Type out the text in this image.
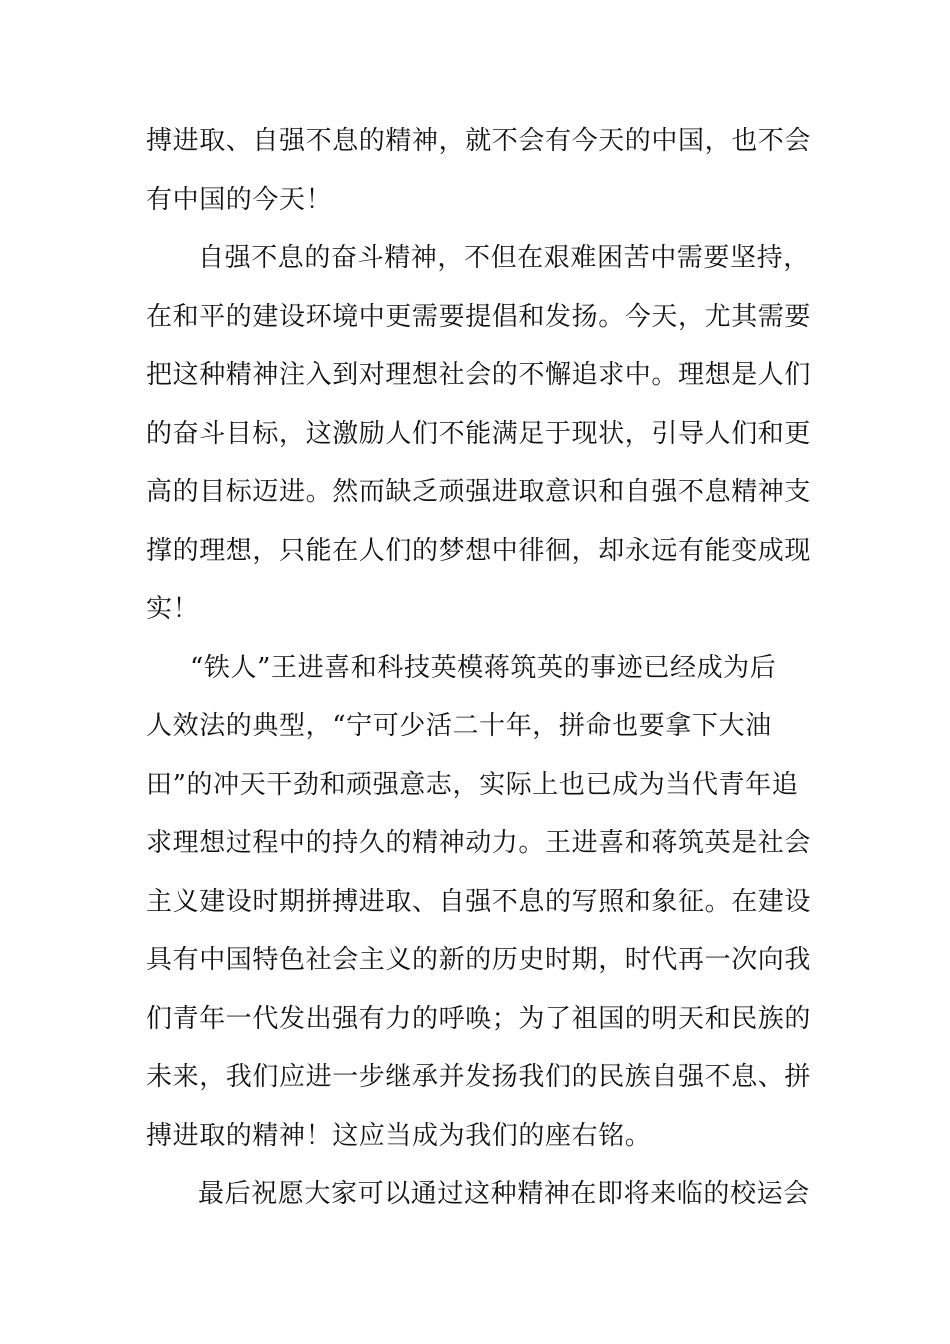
搏进取、自强不息的精神，就不会有今天的中国，也不会
有中国的今天！
自强不息的奋斗精神，不但在艰难困苦中需要坚持，
在和平的建设环境中更需要提倡和发扬。今天，尤其需要
把这种精神注入到对理想社会的不懈追求中。理想是人们
的奋斗目标，这激励人们不能满足于现状，引导人们和更
高的目标迈进。然而缺乏顽强进取意识和自强不息精神支
撑的理想，只能在人们的梦想中徘徊，却永远有能变成现
实！
“铁人”王进喜和科技英模蒋筑英的事迹已经成为后
人效法的典型，“宁可少活二十年，拼命也要拿下大油
田”的冲天干劲和顽强意志，实际上也已成为当代青年追
求理想过程中的持久的精神动力。王进喜和蒋筑英是社会
主义建设时期拼搏进取、自强不息的写照和象征。在建设
具有中国特色社会主义的新的历史时期，时代再一次向我
们青年一代发出强有力的呼唤；为了祖国的明天和民族的
未来，我们应进一步继承并发扬我们的民族自强不息、拼
搏进取的精神！这应当成为我们的座右铭。
最后祝愿大家可以通过这种精神在即将来临的校运会
